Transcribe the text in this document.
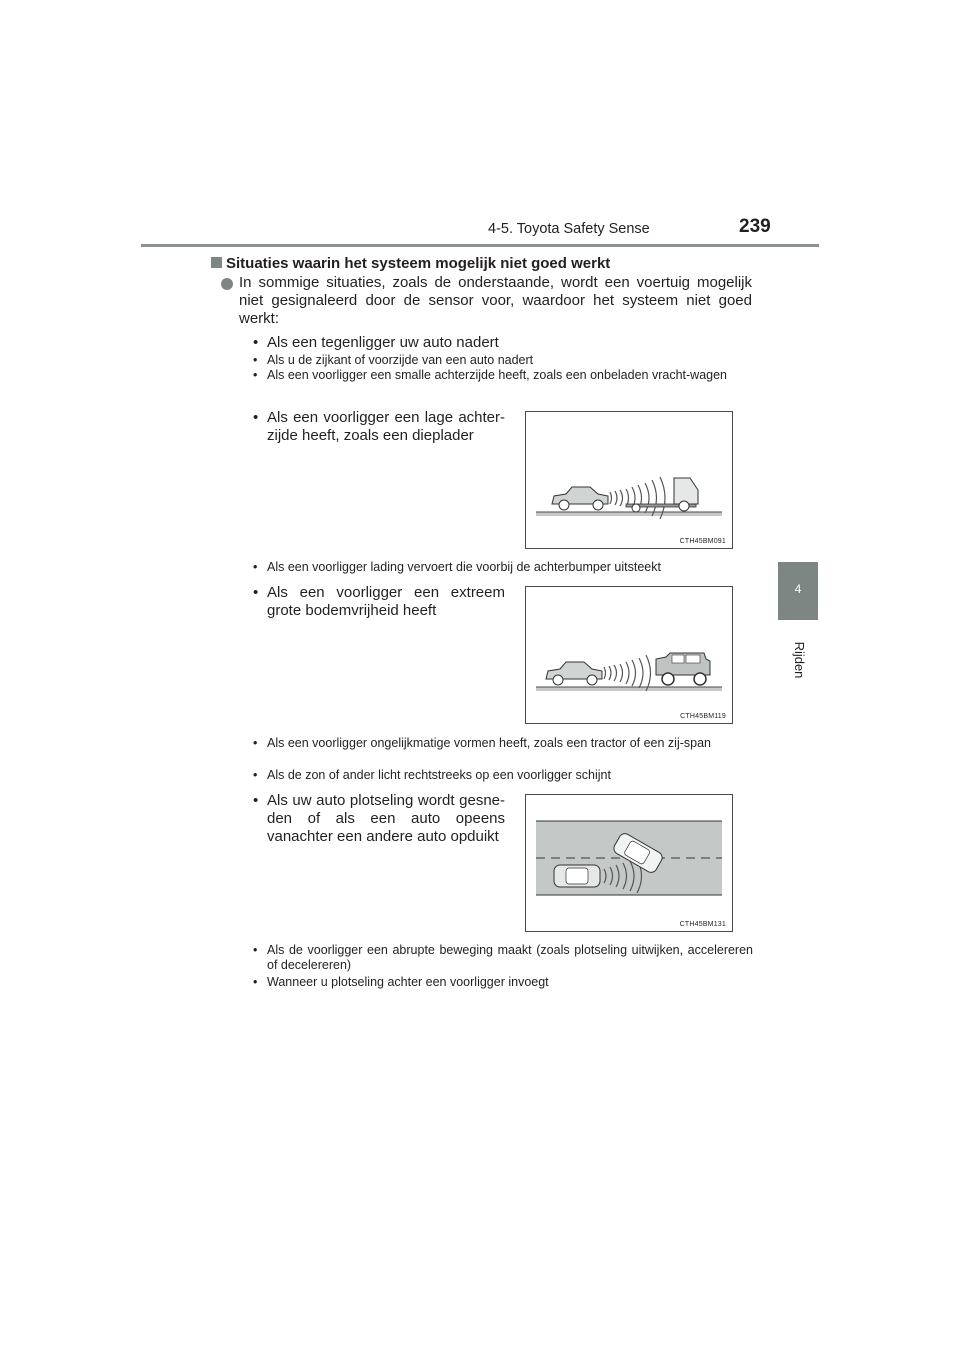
4-5. Toyota Safety Sense	239
4
Rijden
Situaties waarin het systeem mogelijk niet goed werkt
In sommige situaties, zoals de onderstaande, wordt een voertuig mogelijk niet gesignaleerd door de sensor voor, waardoor het systeem niet goed werkt:
• Als een tegenligger uw auto nadert
• Als u de zijkant of voorzijde van een auto nadert
• Als een voorligger een smalle achterzijde heeft, zoals een onbeladen vracht-wagen
• Als een voorligger een lage achter-zijde heeft, zoals een dieplader
CTH45BM091
• Als een voorligger lading vervoert die voorbij de achterbumper uitsteekt
• Als een voorligger een extreem grote bodemvrijheid heeft
CTH45BM119
• Als een voorligger ongelijkmatige vormen heeft, zoals een tractor of een zij-span
• Als de zon of ander licht rechtstreeks op een voorligger schijnt
• Als uw auto plotseling wordt gesne-den of als een auto opeens vanachter een andere auto opduikt
CTH45BM131
• Als de voorligger een abrupte beweging maakt (zoals plotseling uitwijken, accelereren of decelereren)
• Wanneer u plotseling achter een voorligger invoegt
